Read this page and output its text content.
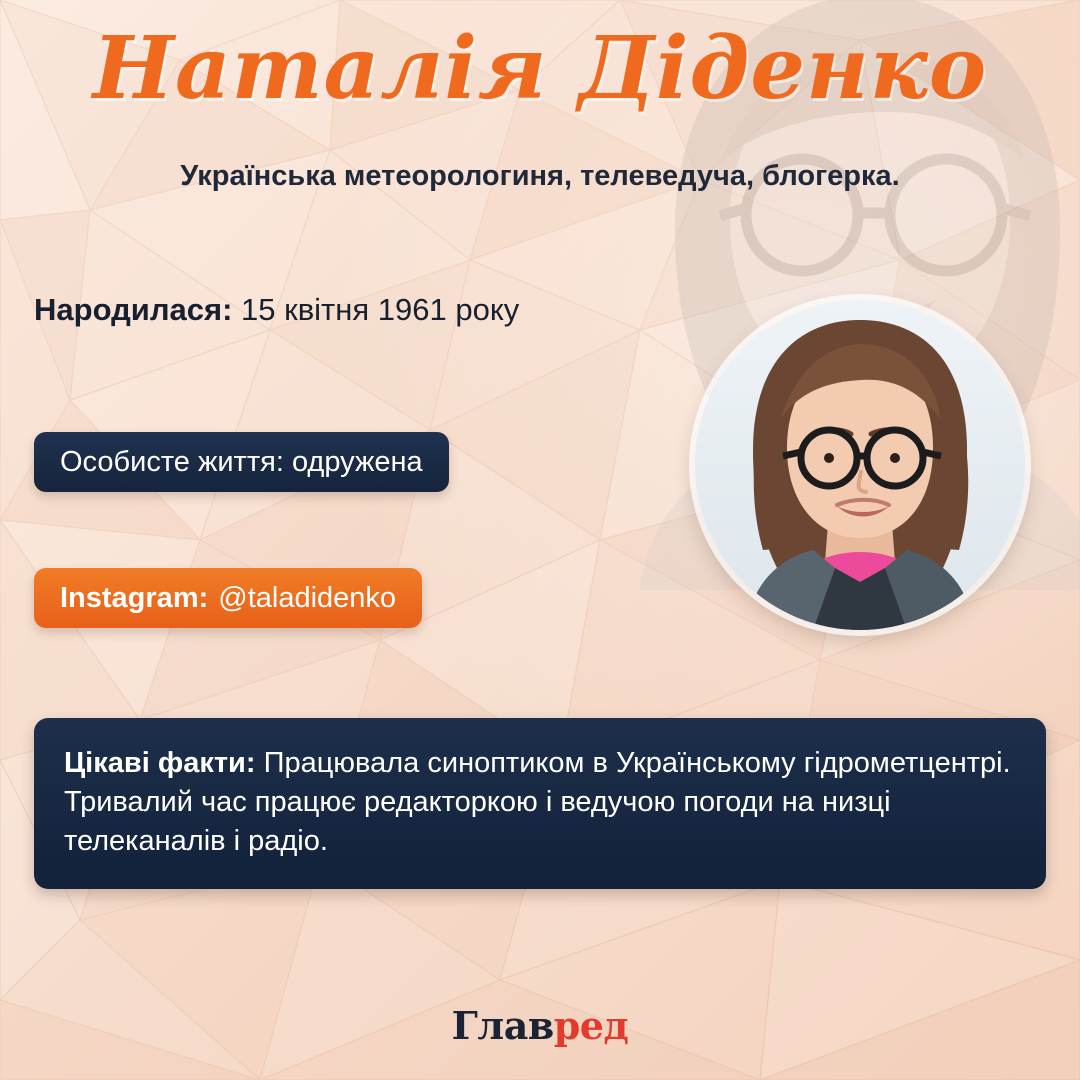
Наталія Діденко
Українська метеорологиня, телеведуча, блогерка.
Народилася: 15 квітня 1961 року
Особисте життя: одружена
Instagram: @taladidenko
Цікаві факти: Працювала синоптиком в Українському гідрометцентрі. Тривалий час працює редакторкою і ведучою погоди на низці телеканалів і радіо.
Главред
